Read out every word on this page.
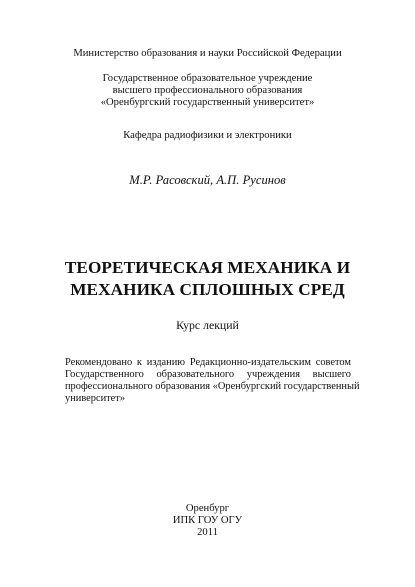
Министерство образования и науки Российской Федерации
Государственное образовательное учреждение
высшего профессионального образования
«Оренбургский государственный университет»
Кафедра радиофизики и электроники
М.Р. Расовский, А.П. Русинов
ТЕОРЕТИЧЕСКАЯ МЕХАНИКА И
МЕХАНИКА СПЛОШНЫХ СРЕД
Курс лекций
Рекомендовано к изданию Редакционно-издательским советом
Государственного образовательного учреждения высшего
профессионального образования «Оренбургский государственный
университет»
Оренбург
ИПК ГОУ ОГУ
2011
